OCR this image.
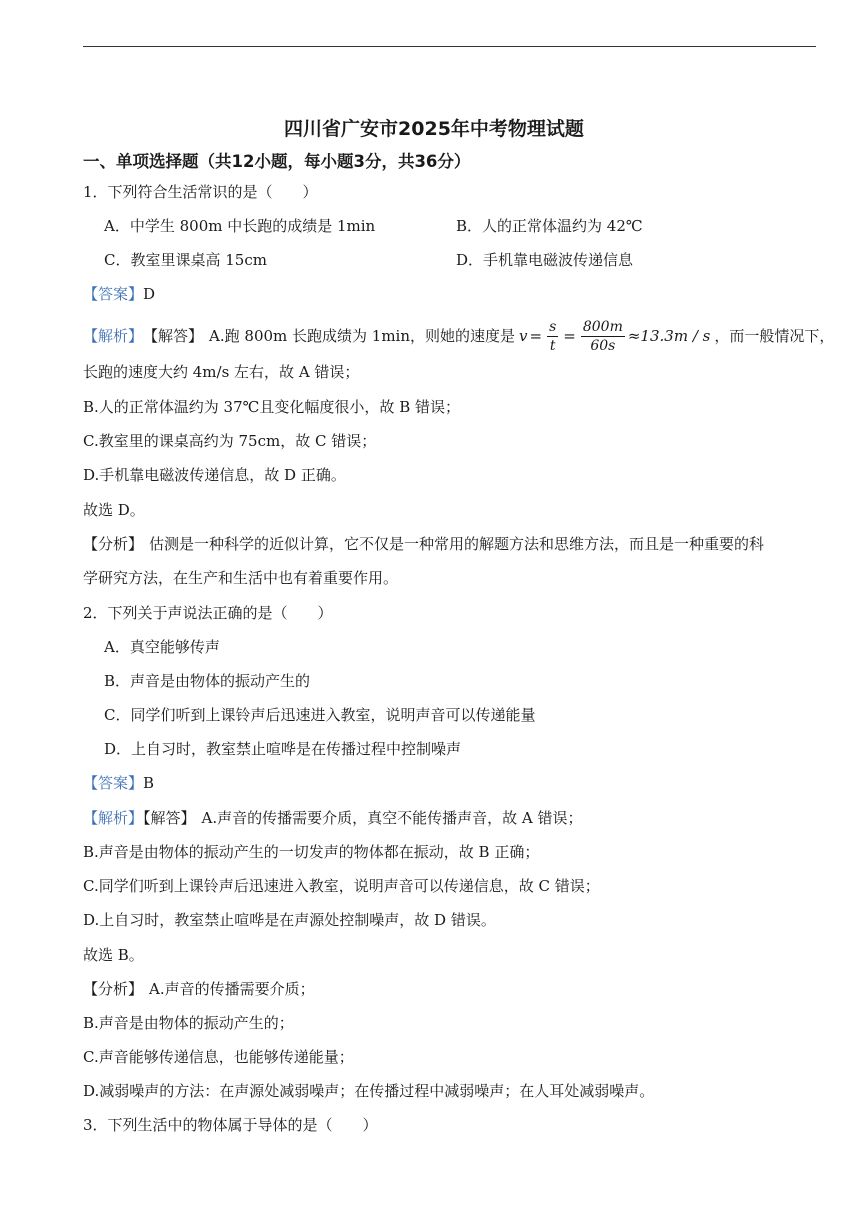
四川省广安市2025年中考物理试题
一、单项选择题（共12小题，每小题3分，共36分）
1．下列符合生活常识的是（　　）
A．中学生 800m 中长跑的成绩是 1min	B．人的正常体温约为 42℃
C．教室里课桌高 15cm	D．手机靠电磁波传递信息
【答案】D
【解析】 【解答】 A.跑 800m 长跑成绩为 1min，则她的速度是 $v = \frac{s}{t} = \frac{800m}{60s} \approx 13.3m / s$ ，而一般情况下，
长跑的速度大约 4m/s 左右，故 A 错误；
B.人的正常体温约为 37℃且变化幅度很小，故 B 错误；
C.教室里的课桌高约为 75cm，故 C 错误；
D.手机靠电磁波传递信息，故 D 正确。
故选 D。
【分析】 估测是一种科学的近似计算，它不仅是一种常用的解题方法和思维方法，而且是一种重要的科
学研究方法，在生产和生活中也有着重要作用。
2．下列关于声说法正确的是（　　）
A．真空能够传声
B．声音是由物体的振动产生的
C．同学们听到上课铃声后迅速进入教室，说明声音可以传递能量
D．上自习时，教室禁止喧哗是在传播过程中控制噪声
【答案】B
【解析】【解答】 A.声音的传播需要介质，真空不能传播声音，故 A 错误；
B.声音是由物体的振动产生的一切发声的物体都在振动，故 B 正确；
C.同学们听到上课铃声后迅速进入教室，说明声音可以传递信息，故 C 错误；
D.上自习时，教室禁止喧哗是在声源处控制噪声，故 D 错误。
故选 B。
【分析】 A.声音的传播需要介质；
B.声音是由物体的振动产生的；
C.声音能够传递信息，也能够传递能量；
D.减弱噪声的方法：在声源处减弱噪声；在传播过程中减弱噪声；在人耳处减弱噪声。
3．下列生活中的物体属于导体的是（　　）
